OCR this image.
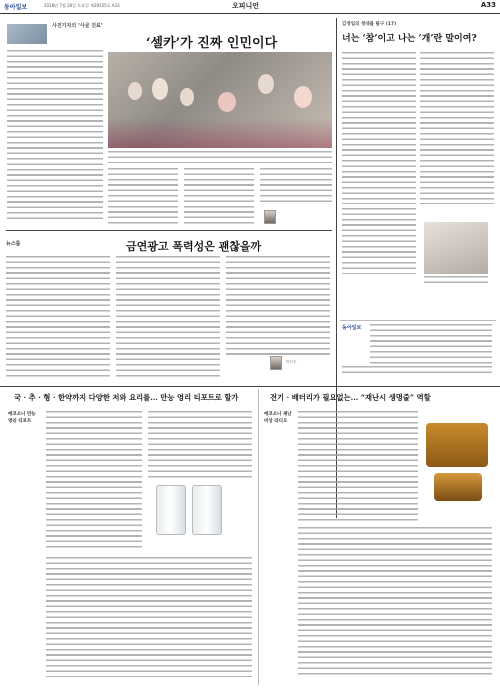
동아일보	2018년 7월 28일 토요일 제29355호 A33	오피니언	A33
사진기자의 ‘사골 진료’
‘셀카’가 진짜 인민이다
김정일의 첫대를 탐구 (17)
너는 ‘참’이고 나는 ‘개’란 말이여?
동아일보
뉴스룸	금연광고 폭력성은 괜찮을까
박민우
국 · 추 · 형 · 한약까지 다양한 저와 요리를... 만능 영리 티포트로 할가
에코소니 만능영리 티포트
전기 · 배터리가 필요없는... “재난시 생명줄” 역할
에코소니 재난비상 라디오
